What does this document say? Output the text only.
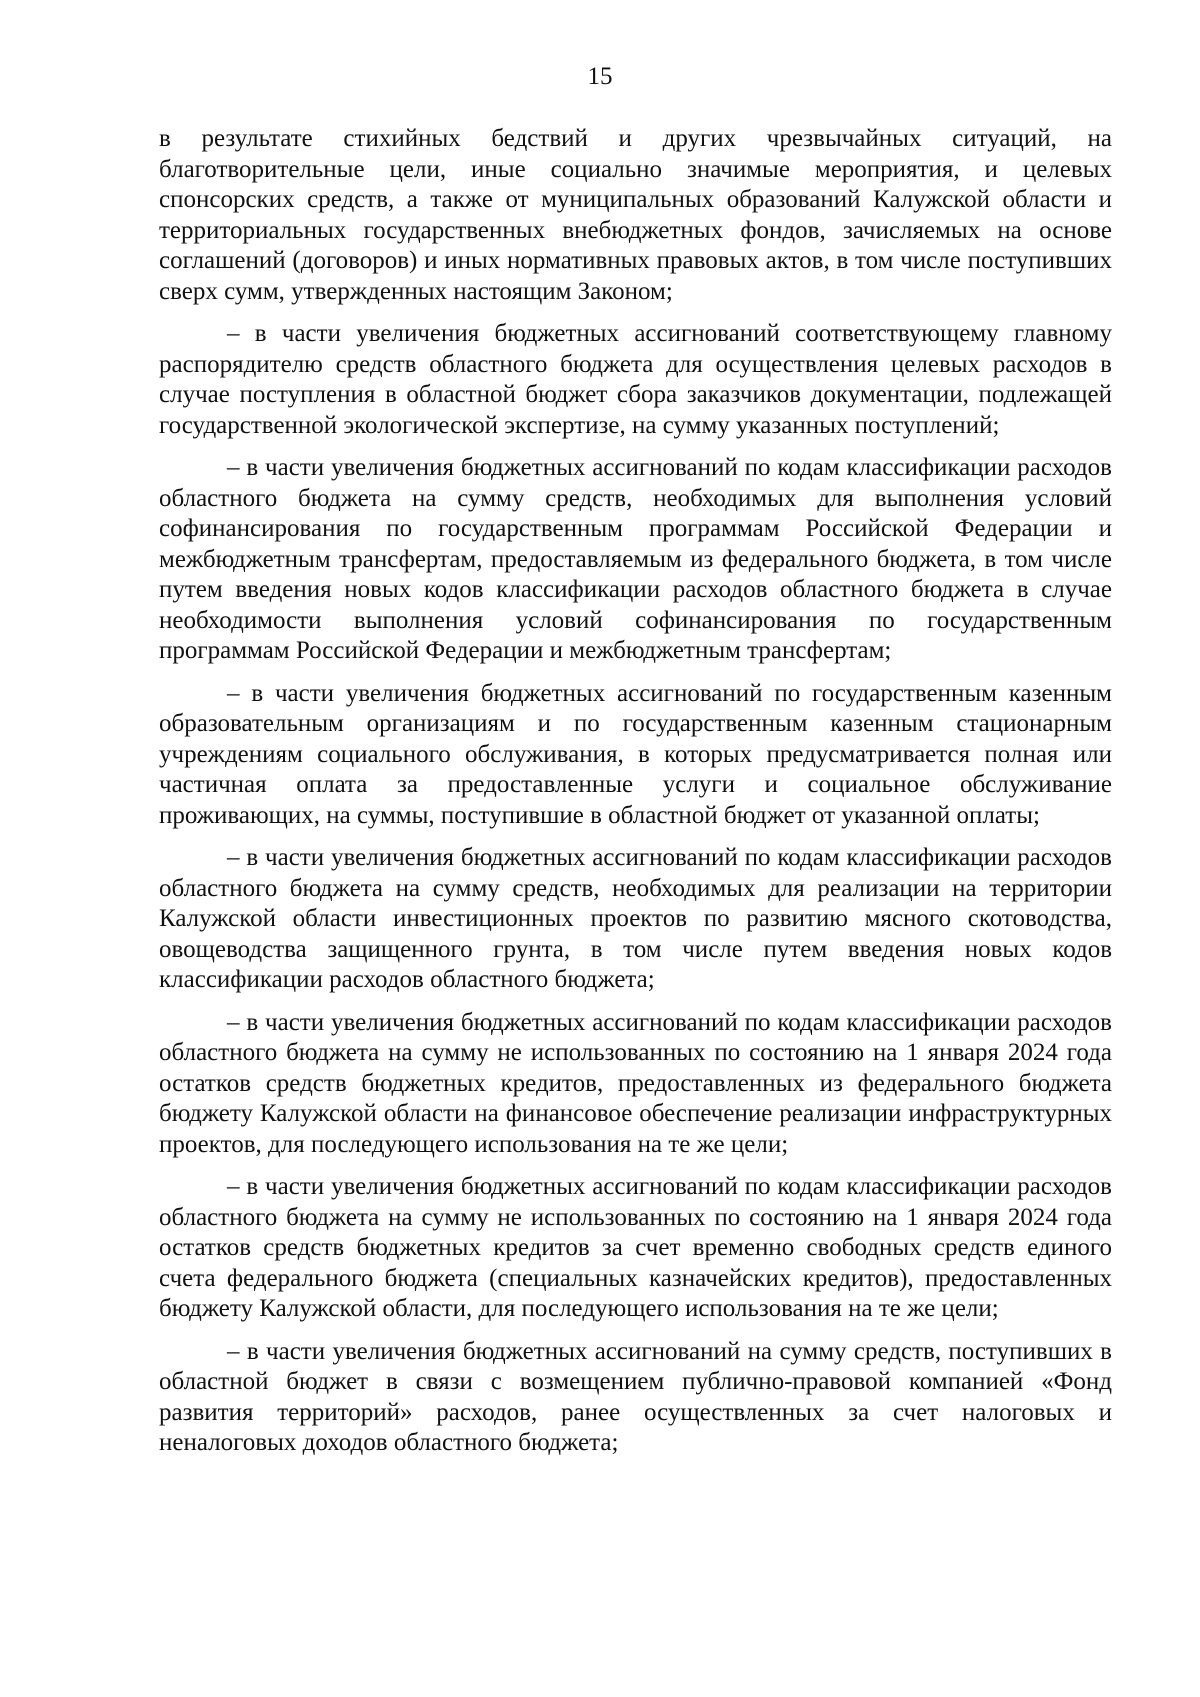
15

в результате стихийных бедствий и других чрезвычайных ситуаций, на благотворительные цели, иные социально значимые мероприятия, и целевых спонсорских средств, а также от муниципальных образований Калужской области и территориальных государственных внебюджетных фондов, зачисляемых на основе соглашений (договоров) и иных нормативных правовых актов, в том числе поступивших сверх сумм, утвержденных настоящим Законом;

– в части увеличения бюджетных ассигнований соответствующему главному распорядителю средств областного бюджета для осуществления целевых расходов в случае поступления в областной бюджет сбора заказчиков документации, подлежащей государственной экологической экспертизе, на сумму указанных поступлений;

– в части увеличения бюджетных ассигнований по кодам классификации расходов областного бюджета на сумму средств, необходимых для выполнения условий софинансирования по государственным программам Российской Федерации и межбюджетным трансфертам, предоставляемым из федерального бюджета, в том числе путем введения новых кодов классификации расходов областного бюджета в случае необходимости выполнения условий софинансирования по государственным программам Российской Федерации и межбюджетным трансфертам;

– в части увеличения бюджетных ассигнований по государственным казенным образовательным организациям и по государственным казенным стационарным учреждениям социального обслуживания, в которых предусматривается полная или частичная оплата за предоставленные услуги и социальное обслуживание проживающих, на суммы, поступившие в областной бюджет от указанной оплаты;

– в части увеличения бюджетных ассигнований по кодам классификации расходов областного бюджета на сумму средств, необходимых для реализации на территории Калужской области инвестиционных проектов по развитию мясного скотоводства, овощеводства защищенного грунта, в том числе путем введения новых кодов классификации расходов областного бюджета;

– в части увеличения бюджетных ассигнований по кодам классификации расходов областного бюджета на сумму не использованных по состоянию на 1 января 2024 года остатков средств бюджетных кредитов, предоставленных из федерального бюджета бюджету Калужской области на финансовое обеспечение реализации инфраструктурных проектов, для последующего использования на те же цели;

– в части увеличения бюджетных ассигнований по кодам классификации расходов областного бюджета на сумму не использованных по состоянию на 1 января 2024 года остатков средств бюджетных кредитов за счет временно свободных средств единого счета федерального бюджета (специальных казначейских кредитов), предоставленных бюджету Калужской области, для последующего использования на те же цели;

– в части увеличения бюджетных ассигнований на сумму средств, поступивших в областной бюджет в связи с возмещением публично-правовой компанией «Фонд развития территорий» расходов, ранее осуществленных за счет налоговых и неналоговых доходов областного бюджета;
